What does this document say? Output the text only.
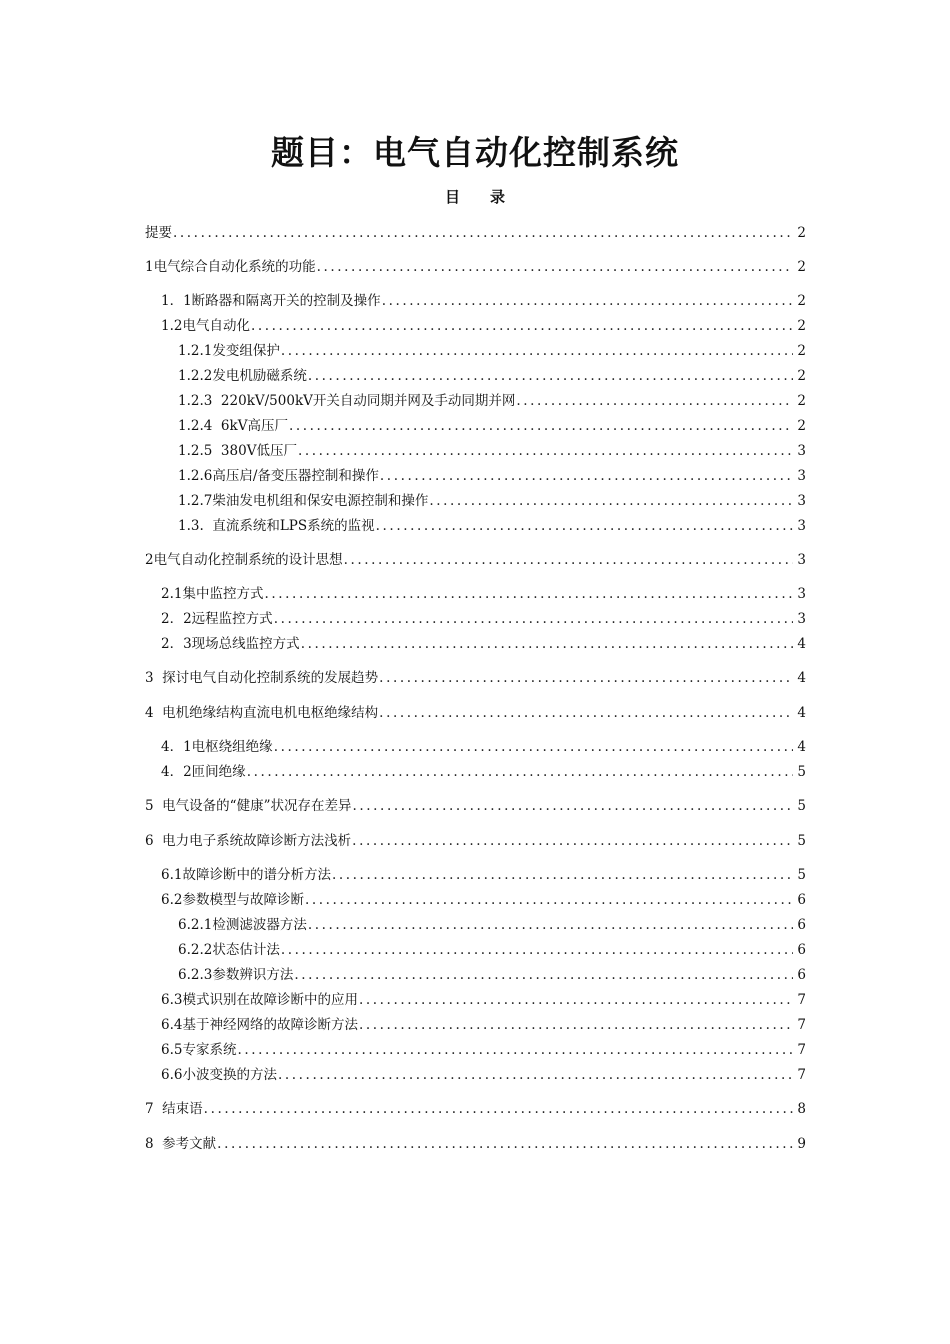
题目：电气自动化控制系统
目录
提要 .....	2
1电气综合自动化系统的功能 .....	2
1．1断路器和隔离开关的控制及操作 .....	2
1.2电气自动化 .....	2
1.2.1发变组保护 .....	2
1.2.2发电机励磁系统 .....	2
1.2.3  220kV/500kV开关自动同期并网及手动同期并网 .....	2
1.2.4  6kV高压厂 .....	2
1.2.5  380V低压厂 .....	3
1.2.6高压启/备变压器控制和操作 .....	3
1.2.7柴油发电机组和保安电源控制和操作 .....	3
1.3.  直流系统和LPS系统的监视 .....	3
2电气自动化控制系统的设计思想 .....	3
2.1集中监控方式 .....	3
2．2远程监控方式 .....	3
2．3现场总线监控方式 .....	4
3  探讨电气自动化控制系统的发展趋势 .....	4
4  电机绝缘结构直流电机电枢绝缘结构 .....	4
4．1电枢绕组绝缘 .....	4
4．2匝间绝缘 .....	5
5  电气设备的“健康”状况存在差异 .....	5
6  电力电子系统故障诊断方法浅析 .....	5
6.1故障诊断中的谱分析方法 .....	5
6.2参数模型与故障诊断 .....	6
6.2.1检测滤波器方法 .....	6
6.2.2状态估计法 .....	6
6.2.3参数辨识方法 .....	6
6.3模式识别在故障诊断中的应用 .....	7
6.4基于神经网络的故障诊断方法 .....	7
6.5专家系统 .....	7
6.6小波变换的方法 .....	7
7  结束语 .....	8
8  参考文献 .....	9
